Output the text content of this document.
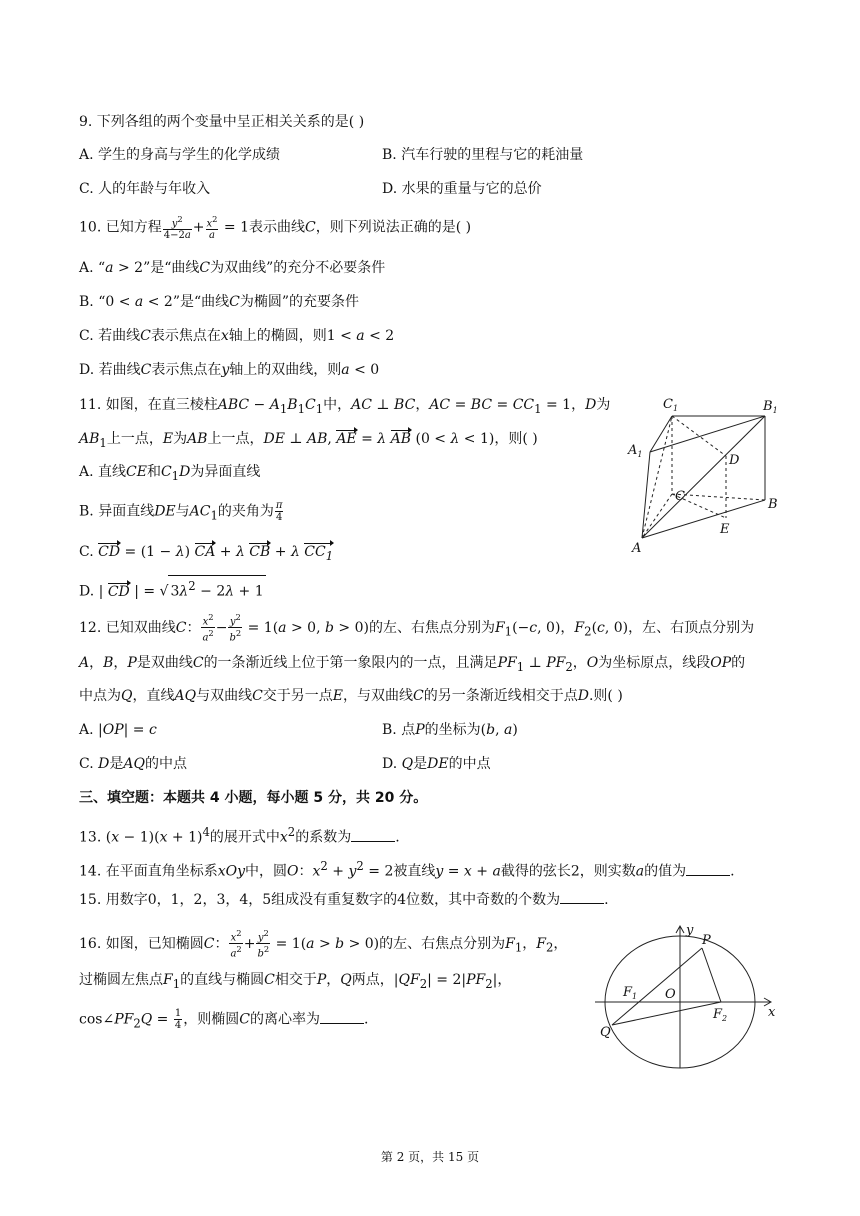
9. 下列各组的两个变量中呈正相关关系的是( )
A. 学生的身高与学生的化学成绩	B. 汽车行驶的里程与它的耗油量
C. 人的年龄与年收入	D. 水果的重量与它的总价
10. 已知方程 $\frac{y^2}{4-2a} + \frac{x^2}{a} = 1$表示曲线C，则下列说法正确的是( )
A. “a > 2”是“曲线C为双曲线”的充分不必要条件
B. “0 < a < 2”是“曲线C为椭圆”的充要条件
C. 若曲线C表示焦点在x轴上的椭圆，则1 < a < 2
D. 若曲线C表示焦点在y轴上的双曲线，则a < 0
11. 如图，在直三棱柱ABC − $A_1B_1C_1$中，AC ⊥ BC，AC = BC = $CC_1 = 1$，D为
$AB_1$上一点，E为AB上一点，DE ⊥ AB, AE = λ AB (0 < λ < 1)，则( )
A. 直线CE和$C_1D$为异面直线
B. 异面直线DE与$AC_1$的夹角为 $\frac{\pi}{4}$
C. CD = (1 − λ) CA + λ CB + λ $CC_1$
D. | CD | = √ $3\lambda^2 - 2\lambda + 1$
$C_1$	$B_1$
$A_1$	D
C
B
A
E
12. 已知双曲线C： $\frac{x^2}{a^2} - \frac{y^2}{b^2} = 1(a > 0$, b > 0)的左、右焦点分别为$F_1(-c$, 0)，$F_2(c$, 0)，左、右顶点分别为
A，B，P是双曲线C的一条渐近线上位于第一象限内的一点，且满足$PF_1$ ⊥ $PF_2$，O为坐标原点，线段OP的
中点为Q，直线AQ与双曲线C交于另一点E，与双曲线C的另一条渐近线相交于点D.则( )
A. |OP| = c	B. 点P的坐标为(b, a)
C. D是AQ的中点	D. Q是DE的中点
三、填空题：本题共 4 小题，每小题 5 分，共 20 分。
13. $(x - 1)(x + 1)^4$的展开式中$x^2$的系数为	.
14. 在平面直角坐标系xOy中，圆O：$x^2 + y^2 = 2$被直线y = x + a截得的弦长2，则实数a的值为	.
15. 用数字0，1，2，3，4，5组成没有重复数字的4位数，其中奇数的个数为	.
16. 如图，已知椭圆C： $\frac{x^2}{a^2} + \frac{y^2}{b^2} = 1(a > b > 0)$的左、右焦点分别为$F_1$，$F_2$，
过椭圆左焦点$F_1$的直线与椭圆C相交于P，Q两点，$|QF_2| = 2|PF_2|$，
$\cos\angle PF_2Q = \frac{1}{4}$ ，则椭圆C的离心率为	.
y
P
$F_1$ O
$F_2$	x
Q
第 2 页，共 15 页
